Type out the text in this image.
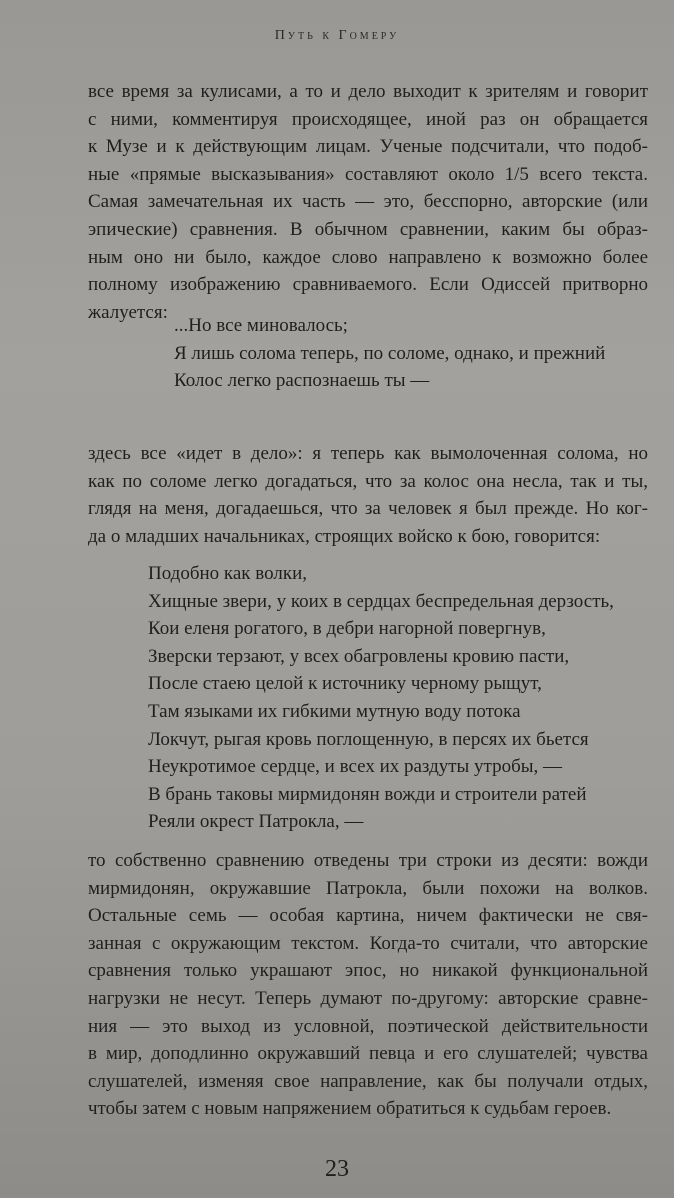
Путь к Гомеру
все время за кулисами, а то и дело выходит к зрителям и говорит
с ними, комментируя происходящее, иной раз он обращается
к Музе и к действующим лицам. Ученые подсчитали, что подоб-
ные «прямые высказывания» составляют около 1/5 всего текста.
Самая замечательная их часть — это, бесспорно, авторские (или
эпические) сравнения. В обычном сравнении, каким бы образ-
ным оно ни было, каждое слово направлено к возможно более
полному изображению сравниваемого. Если Одиссей притворно
жалуется:
...Но все миновалось;
Я лишь солома теперь, по соломе, однако, и прежний
Колос легко распознаешь ты —
здесь все «идет в дело»: я теперь как вымолоченная солома, но
как по соломе легко догадаться, что за колос она несла, так и ты,
глядя на меня, догадаешься, что за человек я был прежде. Но ког-
да о младших начальниках, строящих войско к бою, говорится:
Подобно как волки,
Хищные звери, у коих в сердцах беспредельная дерзость,
Кои еленя рогатого, в дебри нагорной повергнув,
Зверски терзают, у всех обагровлены кровию пасти,
После стаею целой к источнику черному рыщут,
Там языками их гибкими мутную воду потока
Локчут, рыгая кровь поглощенную, в персях их бьется
Неукротимое сердце, и всех их раздуты утробы, —
В брань таковы мирмидонян вожди и строители ратей
Реяли окрест Патрокла, —
то собственно сравнению отведены три строки из десяти: вожди
мирмидонян, окружавшие Патрокла, были похожи на волков.
Остальные семь — особая картина, ничем фактически не свя-
занная с окружающим текстом. Когда-то считали, что авторские
сравнения только украшают эпос, но никакой функциональной
нагрузки не несут. Теперь думают по-другому: авторские сравне-
ния — это выход из условной, поэтической действительности
в мир, доподлинно окружавший певца и его слушателей; чувства
слушателей, изменяя свое направление, как бы получали отдых,
чтобы затем с новым напряжением обратиться к судьбам героев.
23
